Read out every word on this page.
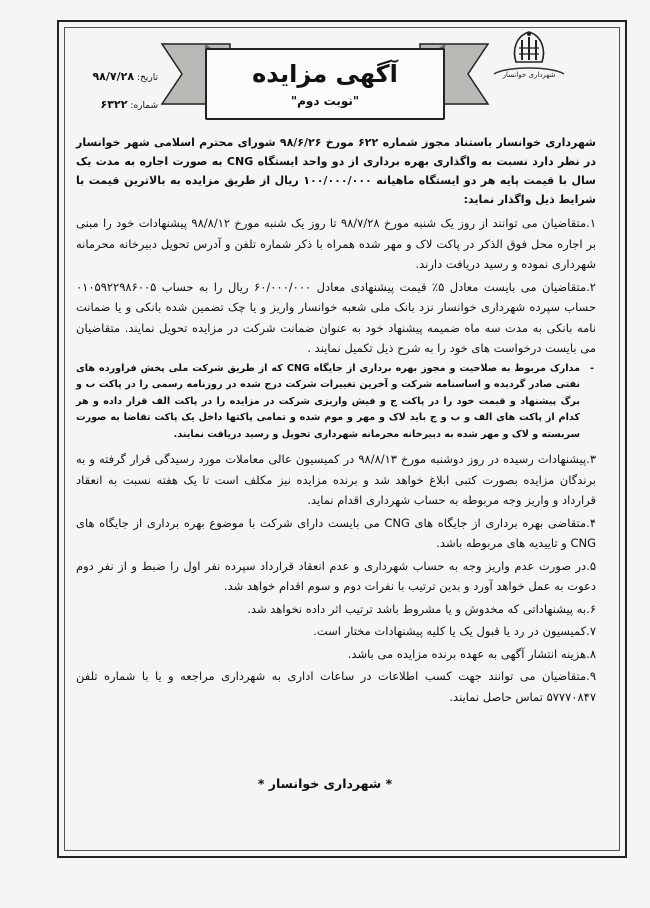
آگهی مزایده
"نوبت دوم"
تاریخ:۹۸/۷/۲۸
شماره:۶۳۲۲
شهرداری خوانسار

شهرداری خوانسار باستناد مجوز شماره ۶۲۲ مورخ ۹۸/۶/۲۶ شورای محترم اسلامی شهر خوانسار در نظر دارد نسبت به واگذاری بهره برداری از دو واحد ایستگاه CNG به صورت اجاره به مدت یک سال با قیمت پایه هر دو ایستگاه ماهیانه ۱۰۰/۰۰۰/۰۰۰ ریال از طریق مزایده به بالاترین قیمت با شرایط ذیل واگذار نماید:

۱.متقاضیان می توانند از روز یک شنبه مورخ ۹۸/۷/۲۸ تا روز یک شنبه مورخ ۹۸/۸/۱۲ پیشنهادات خود را مبنی بر اجاره محل فوق الذکر در پاکت لاک و مهر شده همراه با ذکر شماره تلفن و آدرس تحویل دبیرخانه محرمانه شهرداری نموده و رسید دریافت دارند.

۲.متقاضیان می بایست معادل ۵٪ قیمت پیشنهادی معادل ۶۰/۰۰۰/۰۰۰ ریال را به حساب ۰۱۰۵۹۲۲۹۸۶۰۰۵ حساب سپرده شهرداری خوانسار نزد بانک ملی شعبه خوانسار واریز و یا چک تضمین شده بانکی و یا ضمانت نامه بانکی به مدت سه ماه ضمیمه پیشنهاد خود به عنوان ضمانت شرکت در مزایده تحویل نمایند. متقاضیان می بایست درخواست های خود را به شرح ذیل تکمیل نمایند .

-
مدارک مربوط به صلاحیت و مجوز بهره برداری از جایگاه CNG که از طریق شرکت ملی پخش فراورده های نفتی صادر گردیده و اساسنامه شرکت و آخرین تغییرات شرکت درج شده در روزنامه رسمی را در پاکت ب و برگ پیشنهاد و قیمت خود را در پاکت ج و فیش واریزی شرکت در مزایده را در پاکت الف قرار داده و هر کدام از پاکت های الف و ب و ج باید لاک و مهر و موم شده و تمامی پاکتها داخل یک پاکت تقاضا به صورت سربسته و لاک و مهر شده به دبیرخانه محرمانه شهرداری تحویل و رسید دریافت نمایند.

۳.پیشنهادات رسیده در روز دوشنبه مورخ ۹۸/۸/۱۳ در کمیسیون عالی معاملات مورد رسیدگی قرار گرفته و به برندگان مزایده بصورت کتبی ابلاغ خواهد شد و برنده مزایده نیز مکلف است تا یک هفته نسبت به انعقاد قرارداد و واریز وجه مربوطه به حساب شهرداری اقدام نماید.

۴.متقاضی بهره برداری از جایگاه های CNG می بایست دارای شرکت با موضوع بهره برداری از جایگاه های CNG و تاییدیه های مربوطه باشد.

۵.در صورت عدم واریز وجه به حساب شهرداری و عدم انعقاد قرارداد سپرده نفر اول را ضبط و از نفر دوم دعوت به عمل خواهد آورد و بدین ترتیب با نفرات دوم و سوم اقدام خواهد شد.

۶.به پیشنهاداتی که مخدوش و یا مشروط باشد ترتیب اثر داده نخواهد شد.

۷.کمیسیون در رد یا قبول یک یا کلیه پیشنهادات مختار است.

۸.هزینه انتشار آگهی به عهده برنده مزایده می باشد.

۹.متقاضیان می توانند جهت کسب اطلاعات در ساعات اداری به شهرداری مراجعه و یا با شماره تلفن ۵۷۷۷۰۸۴۷ تماس حاصل نمایند.

* شهرداری خوانسار *
